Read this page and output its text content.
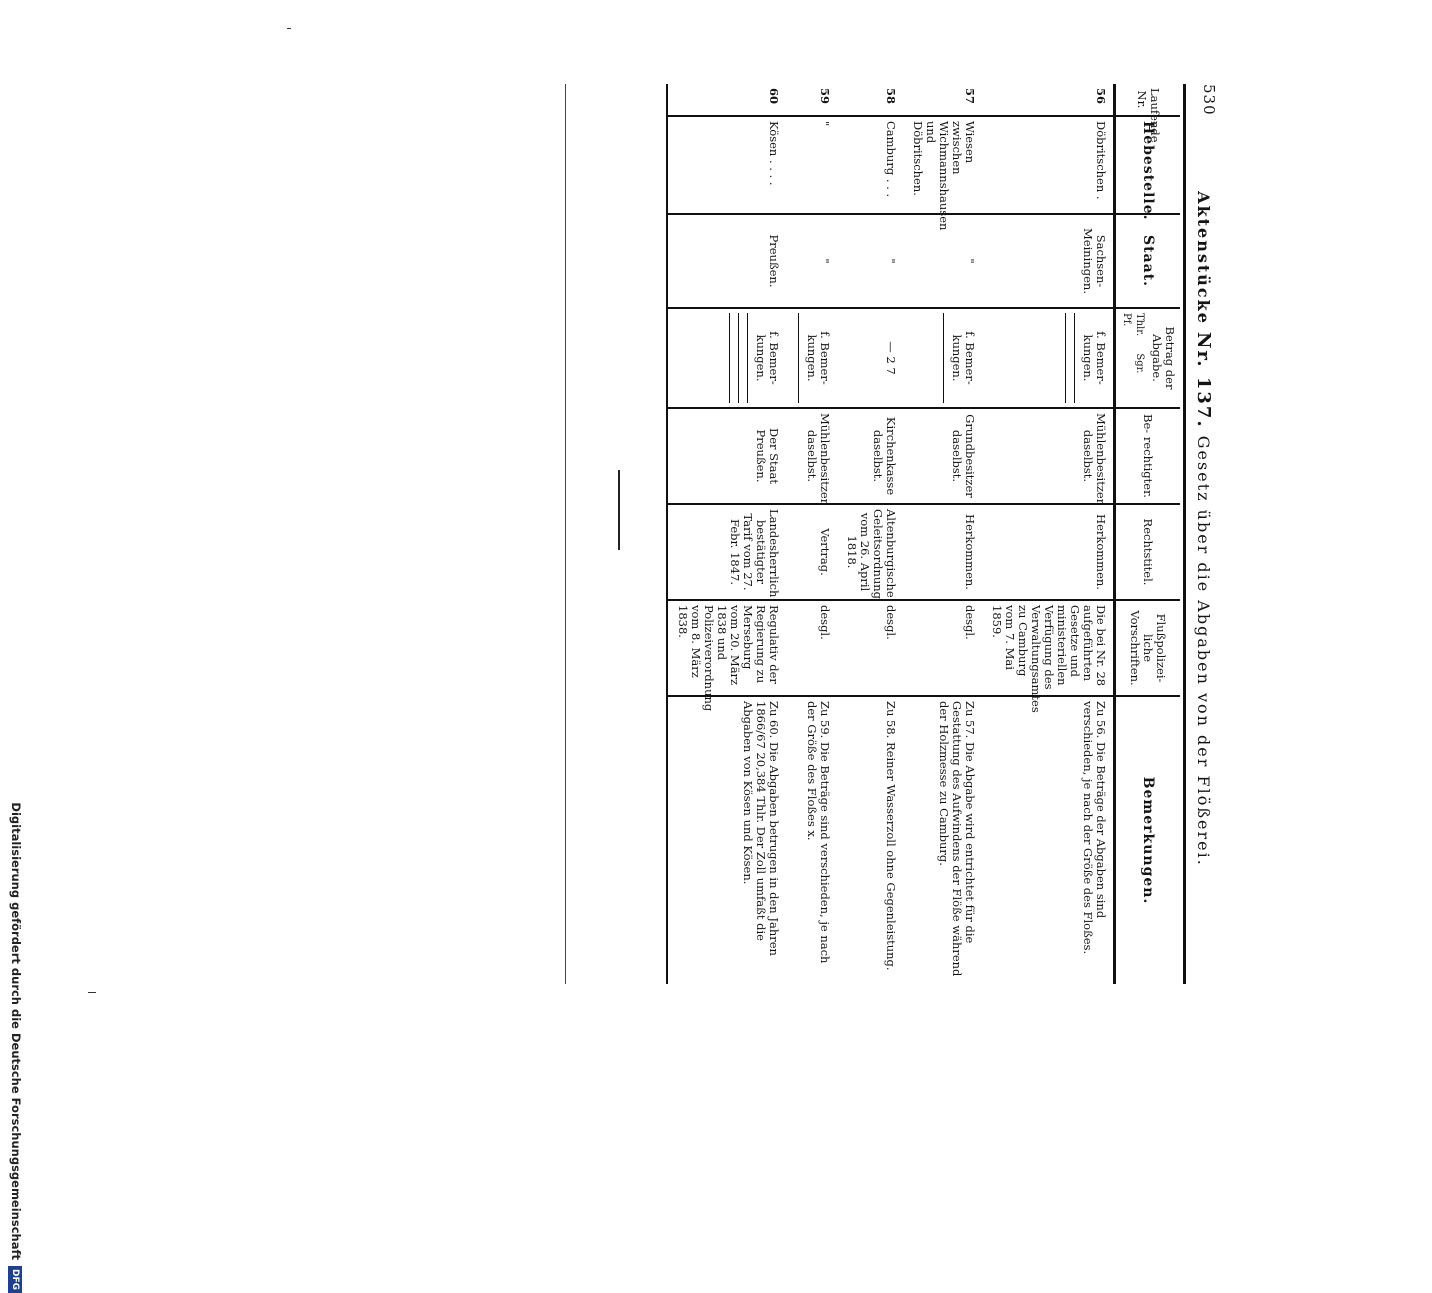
Digitalisierung gefördert durch die Deutsche ForschungsgemeinschaftDFG
530
Aktenstücke Nr. 137. Gesetz über die Abgaben von der Flößerei.
Laufende Nr.	Hebestelle.	Staat.	Betrag der Abgabe.
Thlr. Sgr. Pf.	Be- rechtigter.	Rechtstitel.	Flußpolizei- liche Vorschriften.	Bemerkungen.
56	Döbritschen .	Sachsen- Meiningen.	f. Bemer- kungen.	Mühlenbesitzer daselbst.	Herkommen.	Die bei Nr. 28 aufgeführten Gesetze und ministeriellen Verfügung des Verwaltungsamtes zu Camburg vom 7. Mai 1859.	Zu 56. Die Beträge der Abgaben sind verschieden, je nach der Größe des Floßes.
57	Wiesen zwischen Wichmannshausen und Döbritschen.	"	f. Bemer- kungen.	Grundbesitzer daselbst.	Herkommen.	desgl.	Zu 57. Die Abgabe wird entrichtet für die Gestattung des Aufwindens der Flöße während der Holzmesse zu Camburg.
58	Camburg . . .	"	— 2 7	Kirchenkasse daselbst.	Altenburgische Geleitsordnung vom 26. April 1818.	desgl.	Zu 58. Reiner Wasserzoll ohne Gegenleistung.
59	"	"	f. Bemer- kungen.	Mühlenbesitzer daselbst.	Vertrag.	desgl.	Zu 59. Die Beträge sind verschieden, je nach der Größe des Floßes x.
60	Kösen . . . .	Preußen.	f. Bemer- kungen.	Der Staat Preußen.	Landesherrlich bestätigter Tarif vom 27. Febr. 1847.	Regulativ der Regierung zu Merseburg vom 20. März 1838 und Polizeiverordnung vom 8. März 1838.	Zu 60. Die Abgaben betrugen in den Jahren 1866/67 20,384 Thlr. Der Zoll umfaßt die Abgaben von Kösen und Kösen.
